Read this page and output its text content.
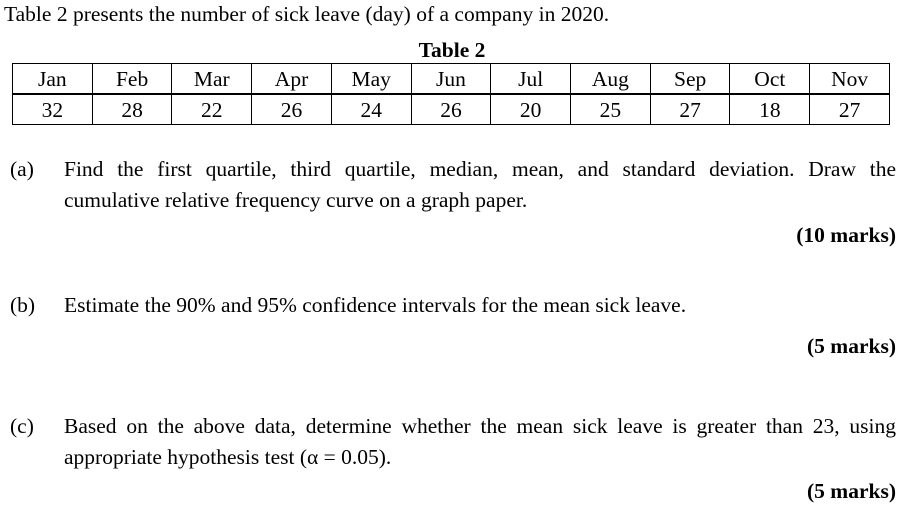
Table 2 presents the number of sick leave (day) of a company in 2020.
Table 2
Jan	Feb	Mar	Apr	May	Jun	Jul	Aug	Sep	Oct	Nov
32	28	22	26	24	26	20	25	27	18	27
(a) Find the first quartile, third quartile, median, mean, and standard deviation. Draw the cumulative relative frequency curve on a graph paper.
(10 marks)
(b) Estimate the 90% and 95% confidence intervals for the mean sick leave.
(5 marks)
(c) Based on the above data, determine whether the mean sick leave is greater than 23, using appropriate hypothesis test (α = 0.05).
(5 marks)
